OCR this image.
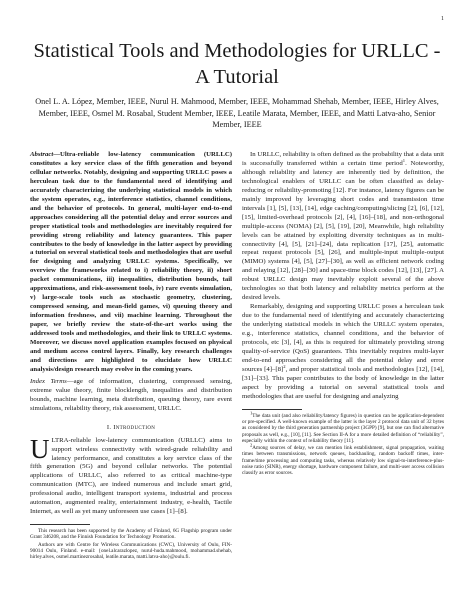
1
Statistical Tools and Methodologies for URLLC - A Tutorial

Onel L. A. López, Member, IEEE, Nurul H. Mahmood, Member, IEEE, Mohammad Shehab, Member, IEEE, Hirley Alves, Member, IEEE, Osmel M. Rosabal, Student Member, IEEE, Leatile Marata, Member, IEEE, and Matti Latva-aho, Senior Member, IEEE

Abstract—Ultra-reliable low-latency communication (URLLC) constitutes a key service class of the fifth generation and beyond cellular networks. Notably, designing and supporting URLLC poses a herculean task due to the fundamental need of identifying and accurately characterizing the underlying statistical models in which the system operates, e.g., interference statistics, channel conditions, and the behavior of protocols. In general, multi-layer end-to-end approaches considering all the potential delay and error sources and proper statistical tools and methodologies are inevitably required for providing strong reliability and latency guarantees. This paper contributes to the body of knowledge in the latter aspect by providing a tutorial on several statistical tools and methodologies that are useful for designing and analyzing URLLC systems. Specifically, we overview the frameworks related to i) reliability theory, ii) short packet communications, iii) inequalities, distribution bounds, tail approximations, and risk-assessment tools, iv) rare events simulation, v) large-scale tools such as stochastic geometry, clustering, compressed sensing, and mean-field games, vi) queuing theory and information freshness, and vii) machine learning. Throughout the paper, we briefly review the state-of-the-art works using the addressed tools and methodologies, and their link to URLLC systems. Moreover, we discuss novel application examples focused on physical and medium access control layers. Finally, key research challenges and directions are highlighted to elucidate how URLLC analysis/design research may evolve in the coming years.

Index Terms—age of information, clustering, compressed sensing, extreme value theory, finite blocklength, inequalities and distribution bounds, machine learning, meta distribution, queuing theory, rare event simulations, reliability theory, risk assessment, URLLC.

I. Introduction

ULTRA-reliable low-latency communication (URLLC) aims to support wireless connectivity with wired-grade reliability and latency performance, and constitutes a key service class of the fifth generation (5G) and beyond cellular networks. The potential applications of URLLC, also referred to as critical machine-type communication (MTC), are indeed numerous and include smart grid, professional audio, intelligent transport systems, industrial and process automation, augmented reality, entertainment industry, e-health, Tactile Internet, as well as yet many unforeseen use cases [1]–[8].

This research has been supported by the Academy of Finland, 6G Flagship program under Grant 346208, and the Finnish Foundation for Technology Promotion.

Authors are with Centre for Wireless Communications (CWC), University of Oulu, FIN-90014 Oulu, Finland. e-mail: {onel.alcarazlopez, nurul-huda.mahmood, mohammad.shehab, hirley.alves, osmel.martinezrosabal, leatile.marata, matti.latva-aho}@oulu.fi.

In URLLC, reliability is often defined as the probability that a data unit is successfully transferred within a certain time period$^1$. Noteworthy, although reliability and latency are inherently tied by definition, the technological enablers of URLLC can be often classified as delay-reducing or reliability-promoting [12]. For instance, latency figures can be mainly improved by leveraging short codes and transmission time intervals [1], [5], [13], [14], edge caching/computing/slicing [2], [6], [12], [15], limited-overhead protocols [2], [4], [16]–[18], and non-orthogonal multiple-access (NOMA) [2], [5], [19], [20], Meanwhile, high reliability levels can be attained by exploiting diversity techniques as in multi-connectivity [4], [5], [21]–[24], data replication [17], [25], automatic repeat request protocols [5], [26], and multiple-input multiple-output (MIMO) systems [4], [5], [27]–[30], as well as efficient network coding and relaying [12], [28]–[30] and space-time block codes [12], [13], [27]. A robust URLLC design may inevitably exploit several of the above technologies so that both latency and reliability metrics perform at the desired levels.

Remarkably, designing and supporting URLLC poses a herculean task due to the fundamental need of identifying and accurately characterizing the underlying statistical models in which the URLLC system operates, e.g., interference statistics, channel conditions, and the behavior of protocols, etc [3], [4], as this is required for ultimately providing strong quality-of-service (QoS) guarantees. This inevitably requires multi-layer end-to-end approaches considering all the potential delay and error sources $[4]-[8]^2$, and proper statistical tools and methodologies [12], [14], [31]–[33]. This paper contributes to the body of knowledge in the latter aspect by providing a tutorial on several statistical tools and methodologies that are useful for designing and analyzing

$^1$The data unit (and also reliability/latency figures) in question can be application-dependent or pre-specified. A well-known example of the latter is the layer 2 protocol data unit of 32 bytes as considered by the third generation partnership project (3GPP) [9], but one can find alternative proposals as well, e.g., [10], [11]. See Section II-A for a more detailed definition of “reliability”, especially within the context of reliability theory [11].

$^2$Among sources of delay, we can mention link establishment, signal propagation, waiting times between transmissions, network queues, backhauling, random backoff times, inter-frame/time processing and computing tasks, whereas relatively low signal-to-interference-plus-noise ratio (SINR), energy shortage, hardware component failure, and multi-user access collision classify as error sources.
